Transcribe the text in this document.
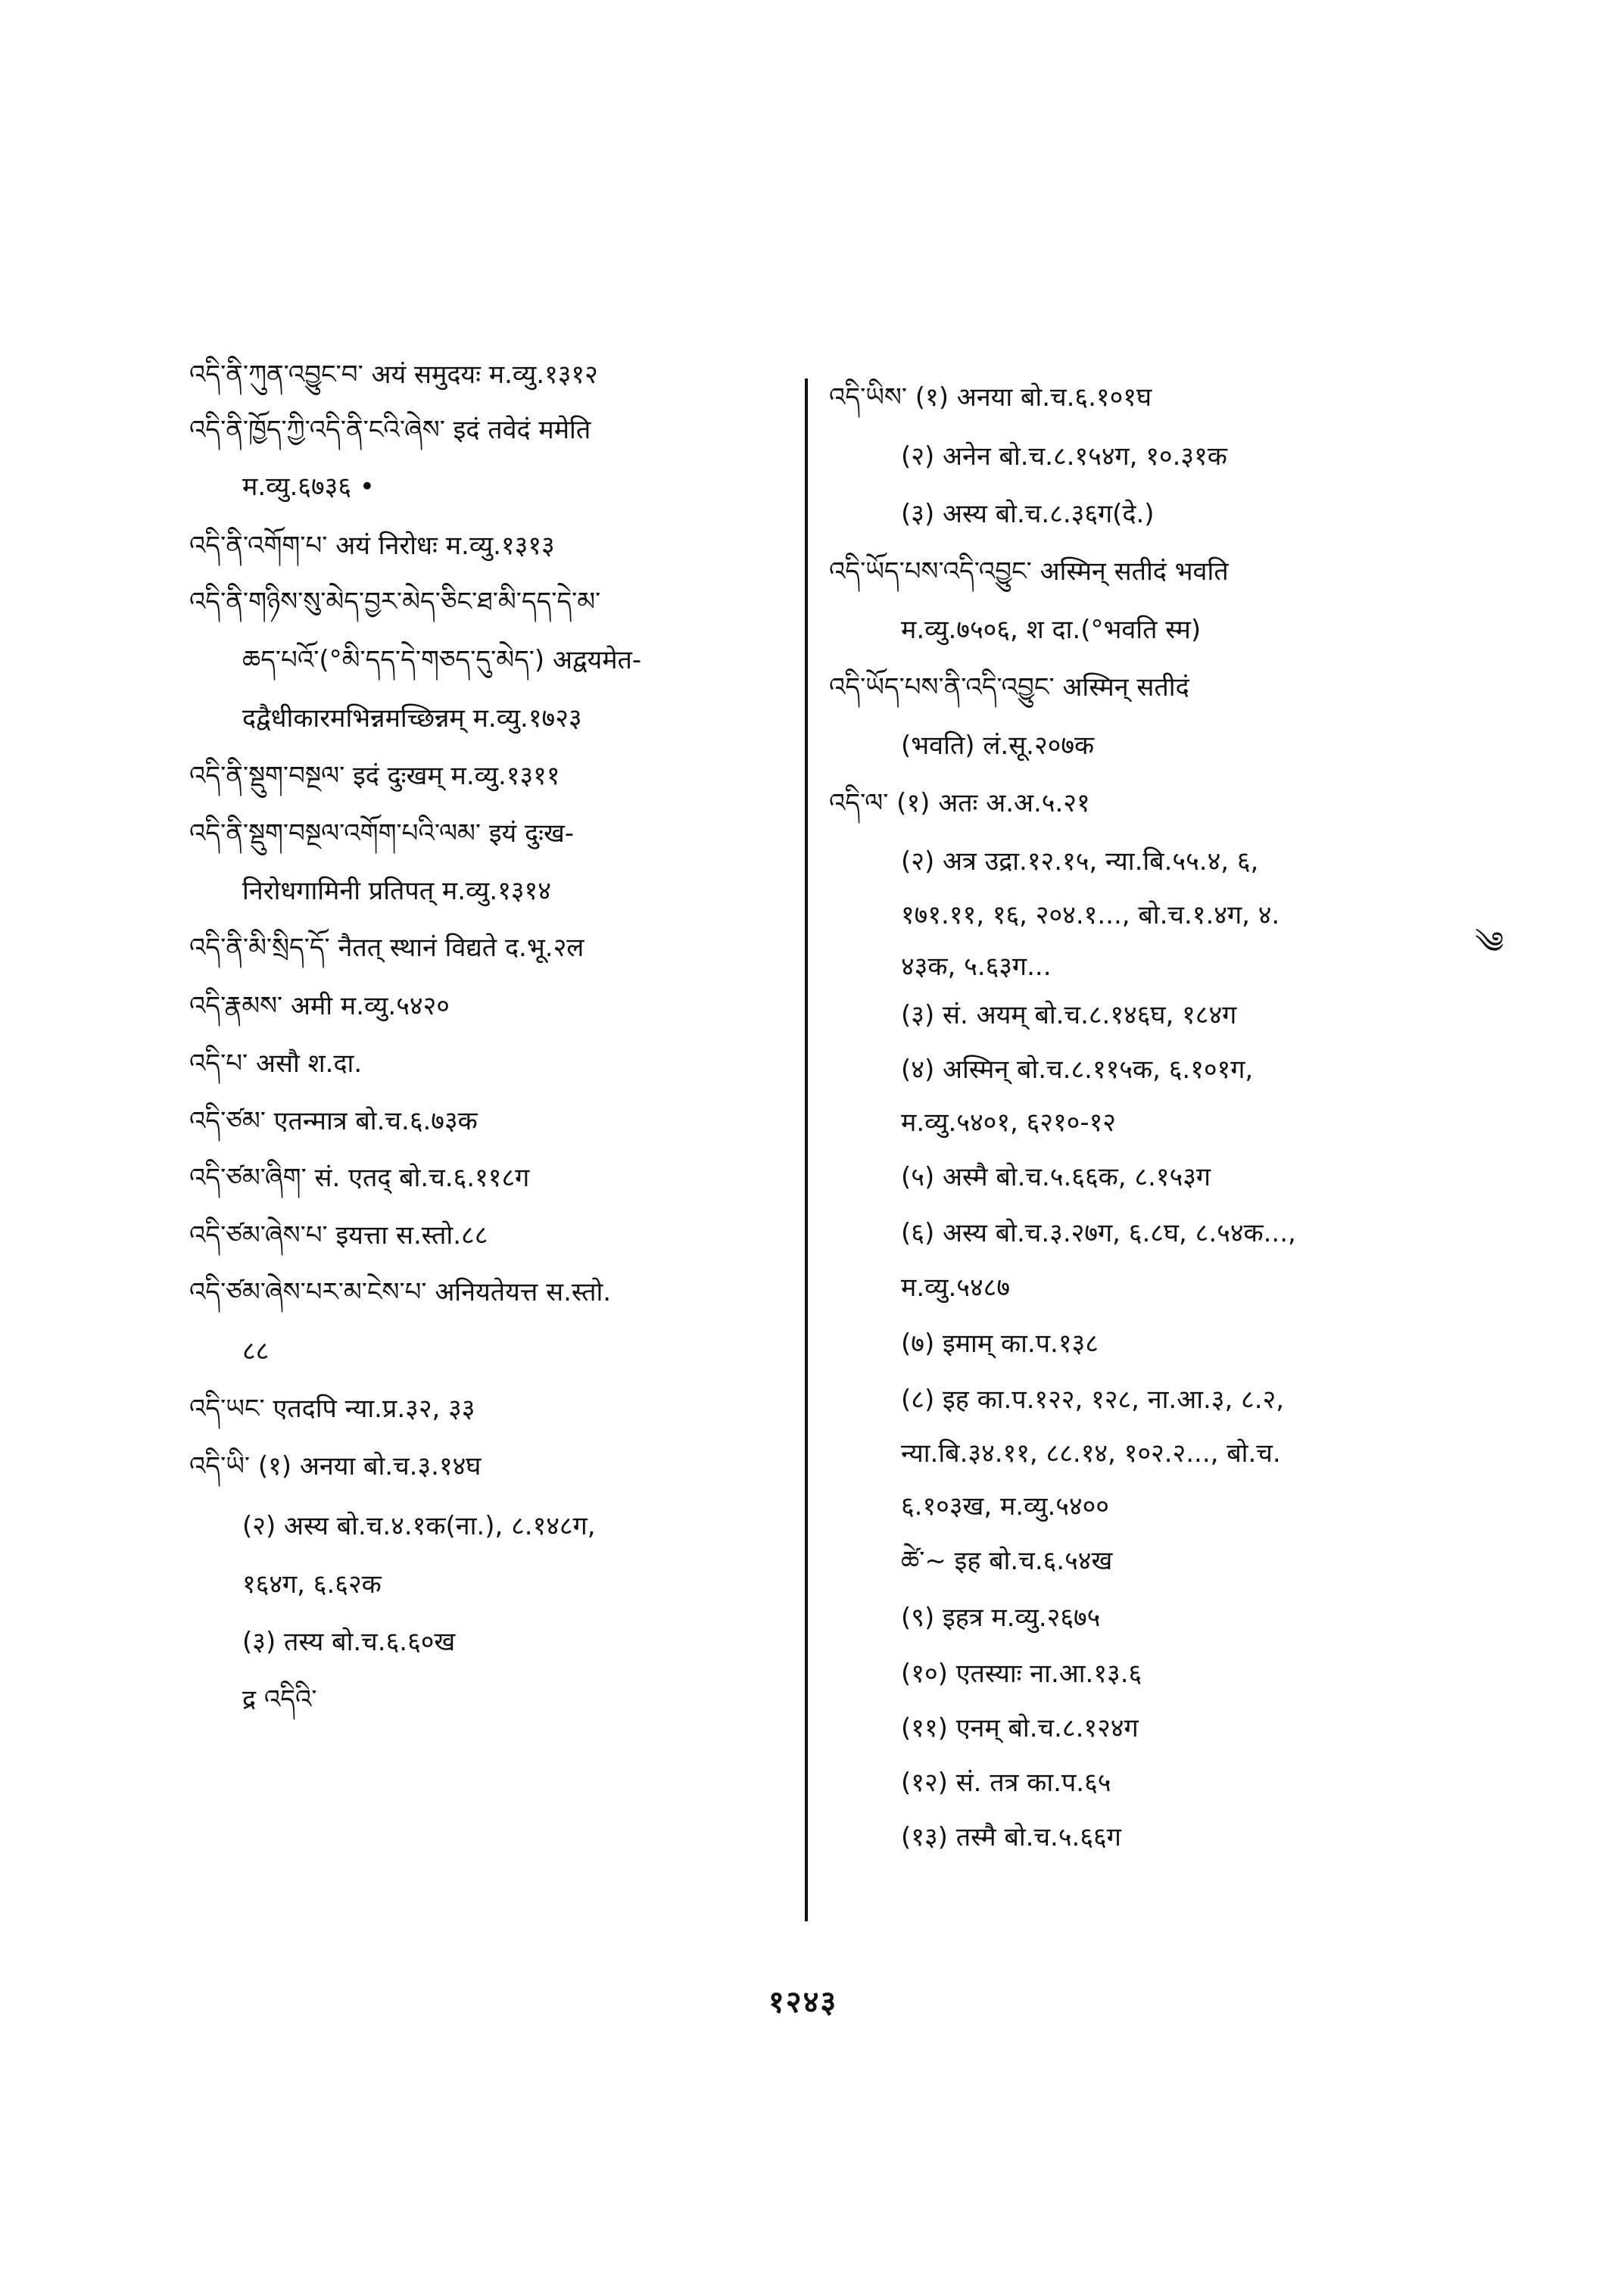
འདི་ནི་ཀུན་འབྱུང་བ་ अयं समुदयः म.व्यु.१३१२
འདི་ནི་ཁྱོད་ཀྱི་འདི་ནི་ངའི་ཞེས་ इदं तवेदं ममेति
म.व्यु.६७३६ •
འདི་ནི་འགོག་པ་ अयं निरोधः म.व्यु.१३१३
འདི་ནི་གཉིས་སུ་མེད་བྱར་མེད་ཅིང་ཐ་མི་དད་དེ་མ་
ཆད་པའོ་(°མི་དད་དེ་གཅད་དུ་མེད་) अद्वयमेत-
दद्वैधीकारमभिन्नमच्छिन्नम् म.व्यु.१७२३
འདི་ནི་སྡུག་བསྔལ་ इदं दुःखम् म.व्यु.१३११
འདི་ནི་སྡུག་བསྔལ་འགོག་པའི་ལམ་ इयं दुःख-
निरोधगामिनी प्रतिपत् म.व्यु.१३१४
འདི་ནི་མི་སྲིད་དོ་ नैतत् स्थानं विद्यते द.भू.२ल
འདི་རྣམས་ अमी म.व्यु.५४२०
འདི་པ་ असौ श.दा.
འདི་ཙམ་ एतन्मात्र बो.च.६.७३क
འདི་ཙམ་ཞིག་ सं. एतद् बो.च.६.११८ग
འདི་ཙམ་ཞེས་པ་ इयत्ता स.स्तो.८८
འདི་ཙམ་ཞེས་པར་མ་ངེས་པ་ अनियतेयत्त स.स्तो.
८८
འདི་ཡང་ एतदपि न्या.प्र.३२, ३३
འདི་ཡི་ (१) अनया बो.च.३.१४घ
(२) अस्य बो.च.४.१क(ना.), ८.१४८ग,
१६४ग, ६.६२क
(३) तस्य बो.च.६.६०ख
द्र འདིའི་
འདི་ཡིས་ (१) अनया बो.च.६.१०१घ
(२) अनेन बो.च.८.१५४ग, १०.३१क
(३) अस्य बो.च.८.३६ग(दे.)
འདི་ཡོད་པས་འདི་འབྱུང་ अस्मिन् सतीदं भवति
म.व्यु.७५०६, श दा.(°भवति स्म)
འདི་ཡོད་པས་ནི་འདི་འབྱུང་ अस्मिन् सतीदं
(भवति) लं.सू.२०७क
འདི་ལ་ (१) अतः अ.अ.५.२१
(२) अत्र उद्रा.१२.१५, न्या.बि.५५.४, ६,
१७१.११, १६, २०४.१..., बो.च.१.४ग, ४.
४३क, ५.६३ग...
(३) सं. अयम् बो.च.८.१४६घ, १८४ग
(४) अस्मिन् बो.च.८.११५क, ६.१०१ग,
म.व्यु.५४०१, ६२१०-१२
(५) अस्मै बो.च.५.६६क, ८.१५३ग
(६) अस्य बो.च.३.२७ग, ६.८घ, ८.५४क...,
म.व्यु.५४८७
(७) इमाम् का.प.१३८
(८) इह का.प.१२२, १२८, ना.आ.३, ८.२,
न्या.बि.३४.११, ८८.१४, १०२.२..., बो.च.
६.१०३ख, म.व्यु.५४००
ཚེ་~ इह बो.च.६.५४ख
(९) इहत्र म.व्यु.२६७५
(१०) एतस्याः ना.आ.१३.६
(११) एनम् बो.च.८.१२४ग
(१२) सं. तत्र का.प.६५
(१३) तस्मै बो.च.५.६६ग
༄
१२४३
